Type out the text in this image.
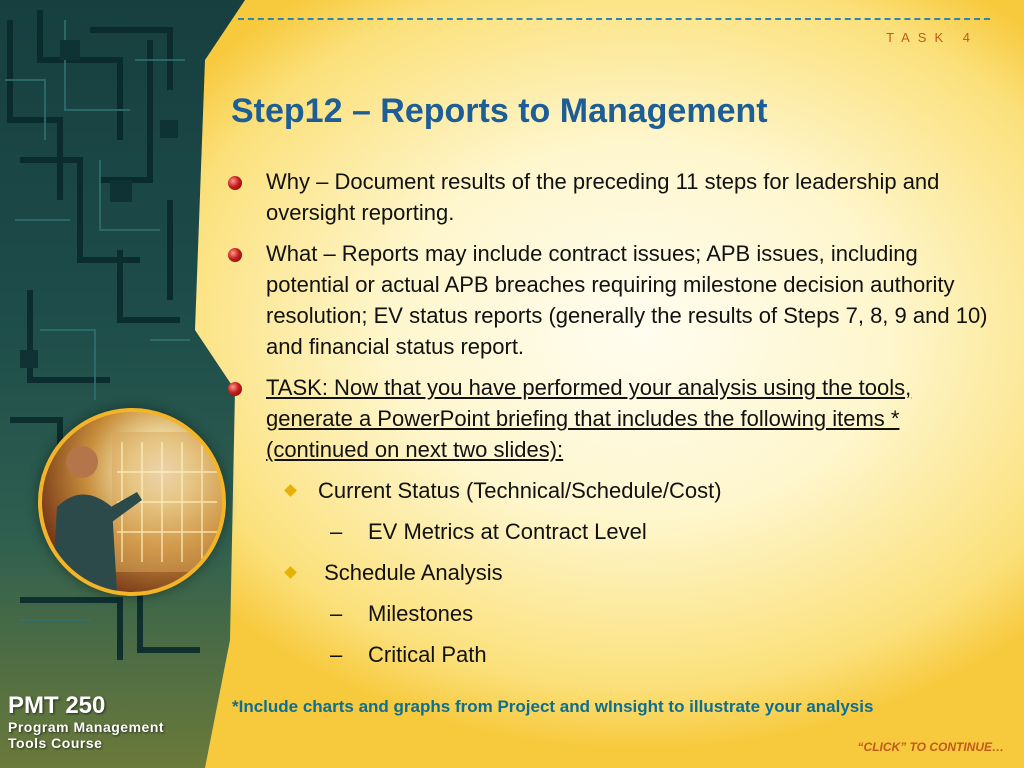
PMT 250
Program Management
Tools Course
TASK 4
Step12 – Reports to Management
Why – Document results of the preceding 11 steps for leadership and oversight reporting.
What – Reports may include contract issues; APB issues, including potential or actual APB breaches requiring milestone decision authority resolution; EV status reports (generally the results of Steps 7, 8, 9 and 10) and financial status report.
TASK: Now that you have performed your analysis using the tools, generate a PowerPoint briefing that includes the following items * (continued on next two slides):
Current Status (Technical/Schedule/Cost)
– EV Metrics at Contract Level
Schedule Analysis
– Milestones
– Critical Path
*Include charts and graphs from Project and wInsight to illustrate your analysis
“CLICK” TO CONTINUE…
